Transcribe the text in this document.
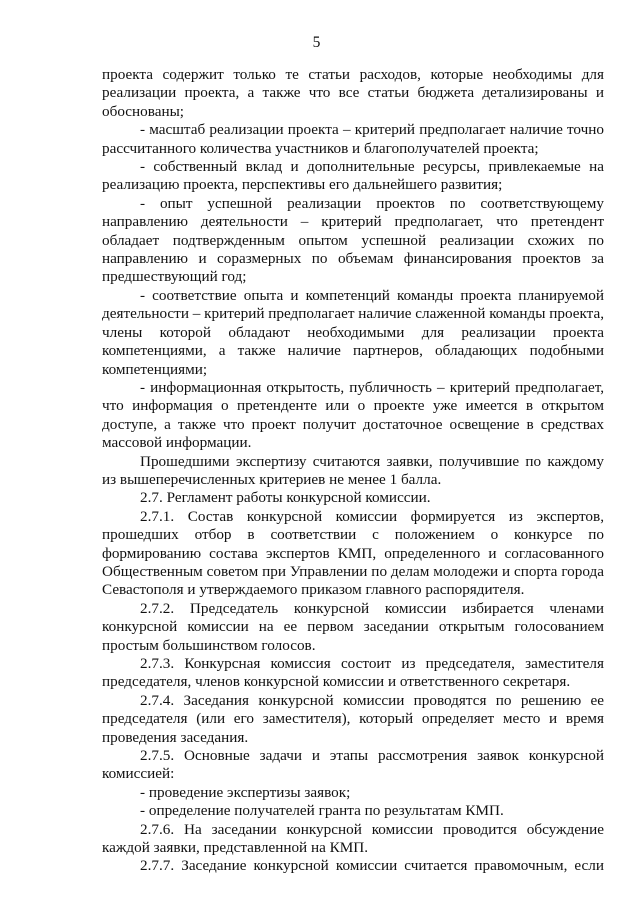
5

проекта содержит только те статьи расходов, которые необходимы для реализации проекта, а также что все статьи бюджета детализированы и обоснованы;

- масштаб реализации проекта – критерий предполагает наличие точно рассчитанного количества участников и благополучателей проекта;

- собственный вклад и дополнительные ресурсы, привлекаемые на реализацию проекта, перспективы его дальнейшего развития;

- опыт успешной реализации проектов по соответствующему направлению деятельности – критерий предполагает, что претендент обладает подтвержденным опытом успешной реализации схожих по направлению и соразмерных по объемам финансирования проектов за предшествующий год;

- соответствие опыта и компетенций команды проекта планируемой деятельности – критерий предполагает наличие слаженной команды проекта, члены которой обладают необходимыми для реализации проекта компетенциями, а также наличие партнеров, обладающих подобными компетенциями;

- информационная открытость, публичность – критерий предполагает, что информация о претенденте или о проекте уже имеется в открытом доступе, а также что проект получит достаточное освещение в средствах массовой информации.

Прошедшими экспертизу считаются заявки, получившие по каждому из вышеперечисленных критериев не менее 1 балла.

2.7. Регламент работы конкурсной комиссии.

2.7.1. Состав конкурсной комиссии формируется из экспертов, прошедших отбор в соответствии с положением о конкурсе по формированию состава экспертов КМП, определенного и согласованного Общественным советом при Управлении по делам молодежи и спорта города Севастополя и утверждаемого приказом главного распорядителя.

2.7.2. Председатель конкурсной комиссии избирается членами конкурсной комиссии на ее первом заседании открытым голосованием простым большинством голосов.

2.7.3. Конкурсная комиссия состоит из председателя, заместителя председателя, членов конкурсной комиссии и ответственного секретаря.

2.7.4. Заседания конкурсной комиссии проводятся по решению ее председателя (или его заместителя), который определяет место и время проведения заседания.

2.7.5. Основные задачи и этапы рассмотрения заявок конкурсной комиссией:

- проведение экспертизы заявок;

- определение получателей гранта по результатам КМП.

2.7.6. На заседании конкурсной комиссии проводится обсуждение каждой заявки, представленной на КМП.

2.7.7. Заседание конкурсной комиссии считается правомочным, если
